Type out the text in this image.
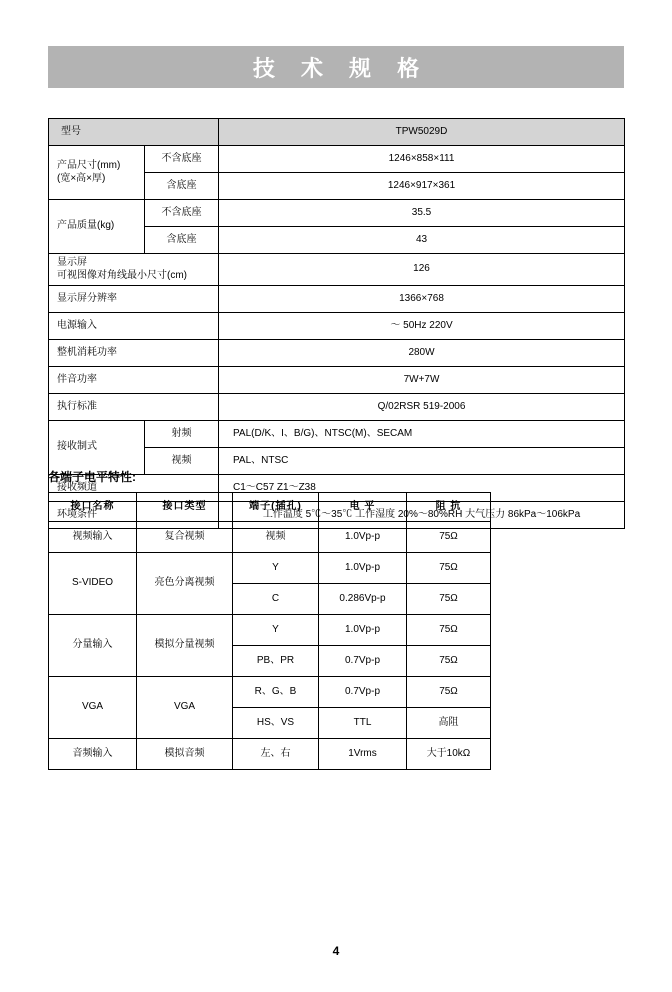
技 术 规 格
型号		TPW5029D

产品尺寸(mm)
(宽×高×厚)	不含底座	1246×858×111
	含底座	1246×917×361
产品质量(kg)	不含底座	35.5
	含底座	43

显示屏
可视图像对角线最小尺寸(cm)		126
显示屏分辨率		1366×768
电源输入		〜 50Hz 220V
整机消耗功率		280W
伴音功率		7W+7W
执行标准		Q/02RSR 519-2006
接收制式	射频	PAL(D/K、I、B/G)、NTSC(M)、SECAM
	视频	PAL、NTSC
接收频道		C1～C57 Z1～Z38
环境条件		工作温度 5℃～35℃ 工作湿度 20%～80%RH 大气压力 86kPa～106kPa
各端子电平特性:
接口名称	接口类型	端子(插孔)	电 平	阻 抗
视频输入	复合视频	视频	1.0Vp-p	75Ω
S-VIDEO	亮色分离视频	Y	1.0Vp-p	75Ω
		C	0.286Vp-p	75Ω
分量输入	模拟分量视频	Y	1.0Vp-p	75Ω
		PB、PR	0.7Vp-p	75Ω
VGA	VGA	R、G、B	0.7Vp-p	75Ω
		HS、VS	TTL	高阻
音频输入	模拟音频	左、右	1Vrms	大于10kΩ
4
